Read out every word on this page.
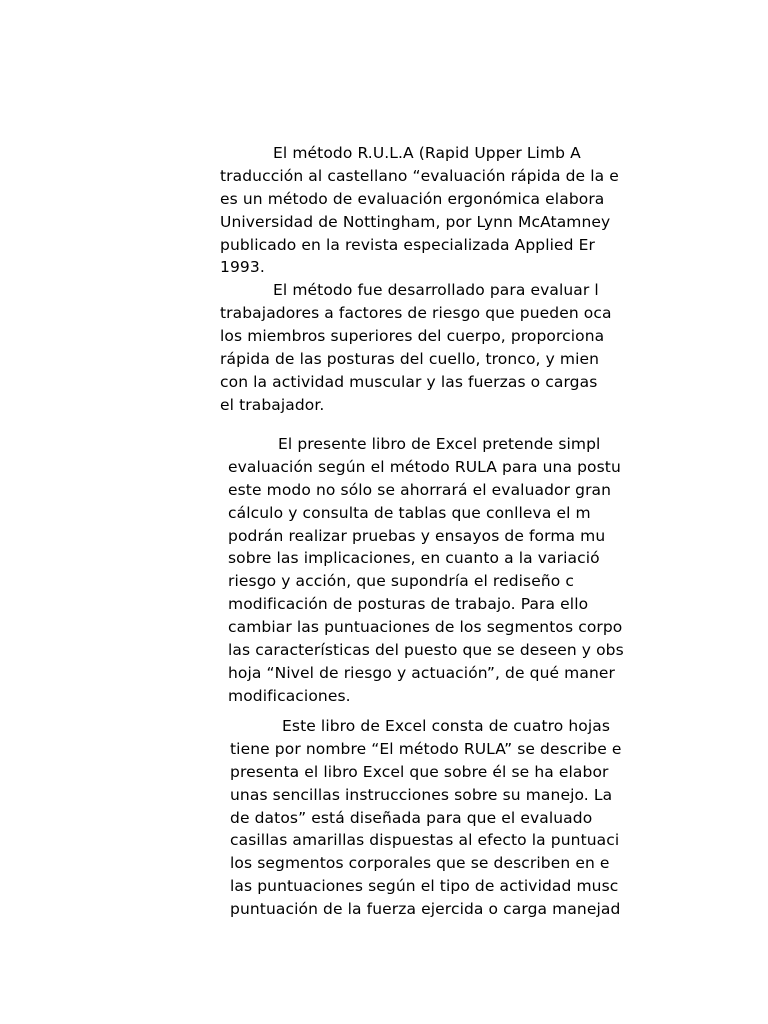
El método R.U.L.A (Rapid Upper Limb A
traducción al castellano “evaluación rápida de la e
es un método de evaluación ergonómica elabora
Universidad de Nottingham, por Lynn McAtamney
publicado en la revista especializada Applied Er
1993.
El método fue desarrollado para evaluar l
trabajadores a factores de riesgo que pueden oca
los miembros superiores del cuerpo, proporciona
rápida de las posturas del cuello, tronco, y mien
con la actividad muscular y las fuerzas o cargas
el trabajador.
El presente libro de Excel pretende simpl
evaluación según el método RULA para una postu
este modo no sólo se ahorrará el evaluador gran
cálculo y consulta de tablas que conlleva el m
podrán realizar pruebas y ensayos de forma mu
sobre las implicaciones, en cuanto a la variació
riesgo y acción, que supondría el rediseño c
modificación de posturas de trabajo. Para ello
cambiar las puntuaciones de los segmentos corpo
las características del puesto que se deseen y obs
hoja “Nivel de riesgo y actuación”, de qué maner
modificaciones.
Este libro de Excel consta de cuatro hojas
tiene por nombre “El método RULA” se describe e
presenta el libro Excel que sobre él se ha elabor
unas sencillas instrucciones sobre su manejo. La
de datos” está diseñada para que el evaluado
casillas amarillas dispuestas al efecto la puntuaci
los segmentos corporales que se describen en e
las puntuaciones según el tipo de actividad musc
puntuación de la fuerza ejercida o carga manejad
